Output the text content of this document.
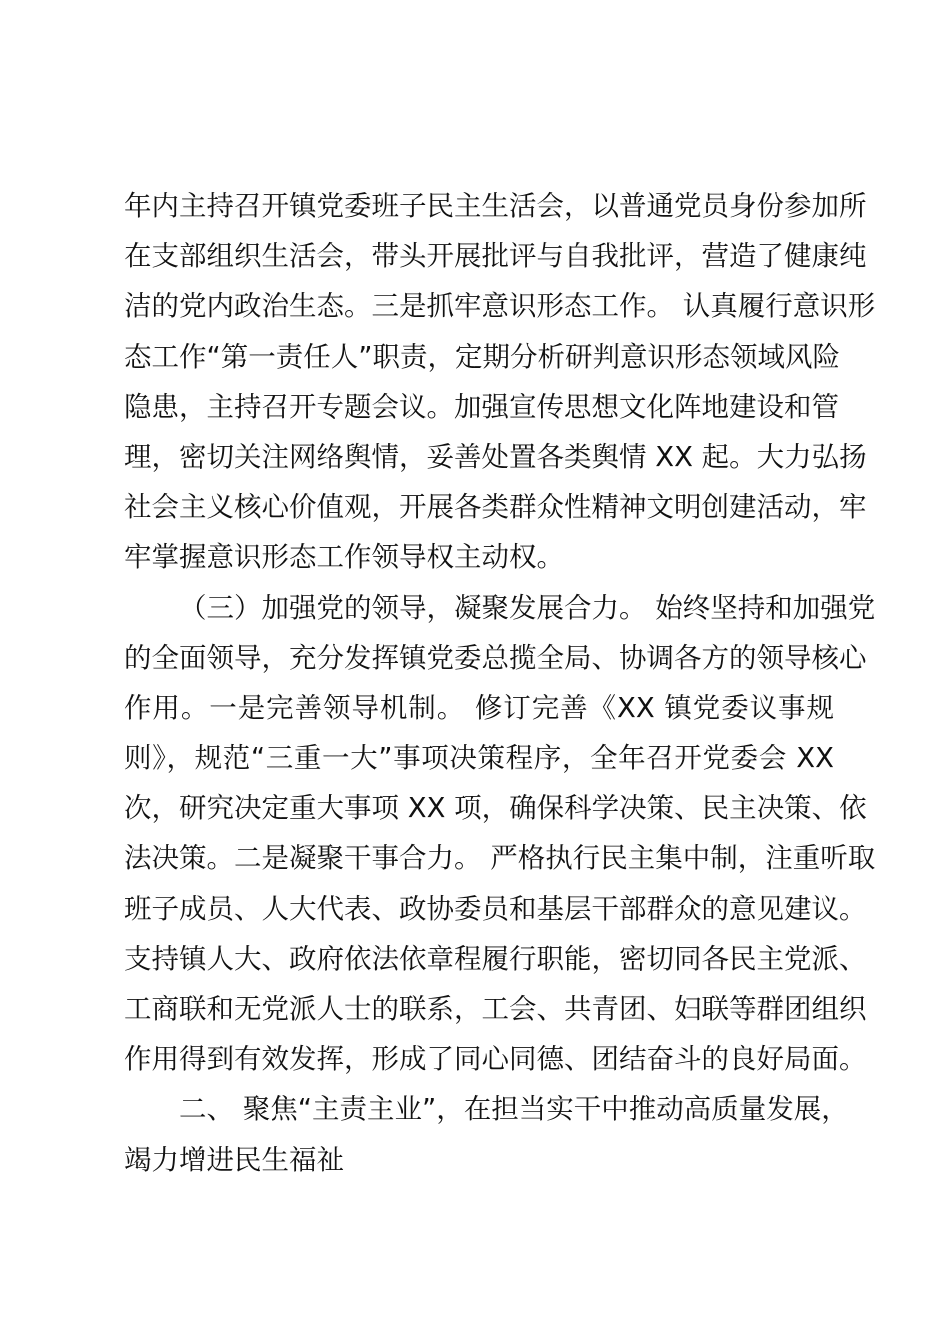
年内主持召开镇党委班子民主生活会，以普通党员身份参加所
在支部组织生活会，带头开展批评与自我批评，营造了健康纯
洁的党内政治生态。三是抓牢意识形态工作。 认真履行意识形
态工作“第一责任人”职责，定期分析研判意识形态领域风险
隐患，主持召开专题会议。加强宣传思想文化阵地建设和管
理，密切关注网络舆情，妥善处置各类舆情 XX 起。大力弘扬
社会主义核心价值观，开展各类群众性精神文明创建活动，牢
牢掌握意识形态工作领导权主动权。
（三）加强党的领导，凝聚发展合力。 始终坚持和加强党
的全面领导，充分发挥镇党委总揽全局、协调各方的领导核心
作用。一是完善领导机制。 修订完善《XX 镇党委议事规
则》，规范“三重一大”事项决策程序，全年召开党委会 XX
次，研究决定重大事项 XX 项，确保科学决策、民主决策、依
法决策。二是凝聚干事合力。 严格执行民主集中制，注重听取
班子成员、人大代表、政协委员和基层干部群众的意见建议。
支持镇人大、政府依法依章程履行职能，密切同各民主党派、
工商联和无党派人士的联系，工会、共青团、妇联等群团组织
作用得到有效发挥，形成了同心同德、团结奋斗的良好局面。
二、 聚焦“主责主业”，在担当实干中推动高质量发展，
竭力增进民生福祉
